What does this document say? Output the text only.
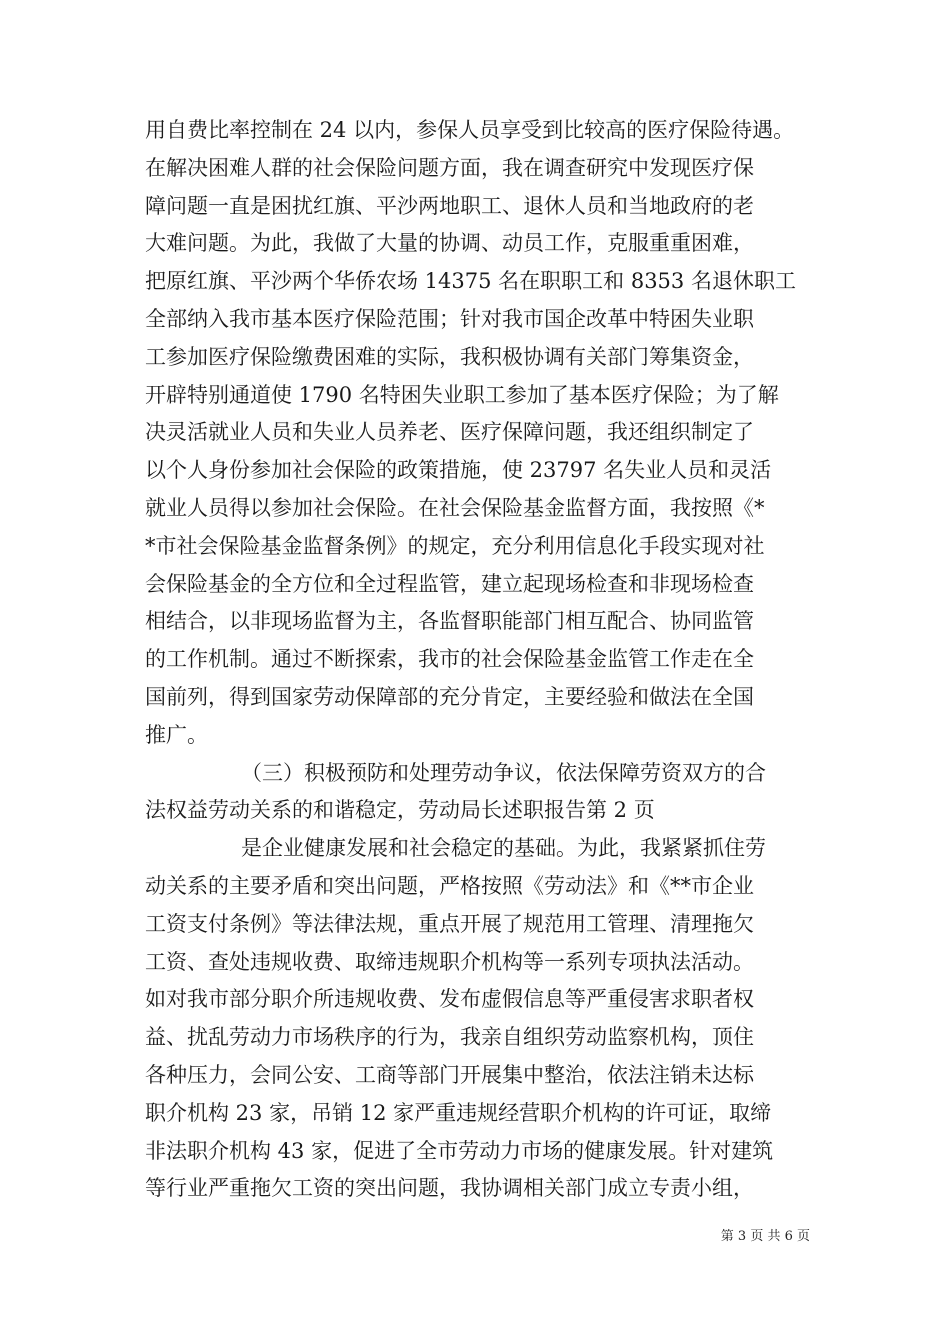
用自费比率控制在 24 以内，参保人员享受到比较高的医疗保险待遇。
在解决困难人群的社会保险问题方面，我在调查研究中发现医疗保
障问题一直是困扰红旗、平沙两地职工、退休人员和当地政府的老
大难问题。为此，我做了大量的协调、动员工作，克服重重困难，
把原红旗、平沙两个华侨农场 14375 名在职职工和 8353 名退休职工
全部纳入我市基本医疗保险范围；针对我市国企改革中特困失业职
工参加医疗保险缴费困难的实际，我积极协调有关部门筹集资金，
开辟特别通道使 1790 名特困失业职工参加了基本医疗保险；为了解
决灵活就业人员和失业人员养老、医疗保障问题，我还组织制定了
以个人身份参加社会保险的政策措施，使 23797 名失业人员和灵活
就业人员得以参加社会保险。在社会保险基金监督方面，我按照《*
*市社会保险基金监督条例》的规定，充分利用信息化手段实现对社
会保险基金的全方位和全过程监管，建立起现场检查和非现场检查
相结合，以非现场监督为主，各监督职能部门相互配合、协同监管
的工作机制。通过不断探索，我市的社会保险基金监管工作走在全
国前列，得到国家劳动保障部的充分肯定，主要经验和做法在全国
推广。
（三）积极预防和处理劳动争议，依法保障劳资双方的合
法权益劳动关系的和谐稳定，劳动局长述职报告第 2 页
是企业健康发展和社会稳定的基础。为此，我紧紧抓住劳
动关系的主要矛盾和突出问题，严格按照《劳动法》和《**市企业
工资支付条例》等法律法规，重点开展了规范用工管理、清理拖欠
工资、查处违规收费、取缔违规职介机构等一系列专项执法活动。
如对我市部分职介所违规收费、发布虚假信息等严重侵害求职者权
益、扰乱劳动力市场秩序的行为，我亲自组织劳动监察机构，顶住
各种压力，会同公安、工商等部门开展集中整治，依法注销未达标
职介机构 23 家，吊销 12 家严重违规经营职介机构的许可证，取缔
非法职介机构 43 家，促进了全市劳动力市场的健康发展。针对建筑
等行业严重拖欠工资的突出问题，我协调相关部门成立专责小组，
第 3 页 共 6 页
